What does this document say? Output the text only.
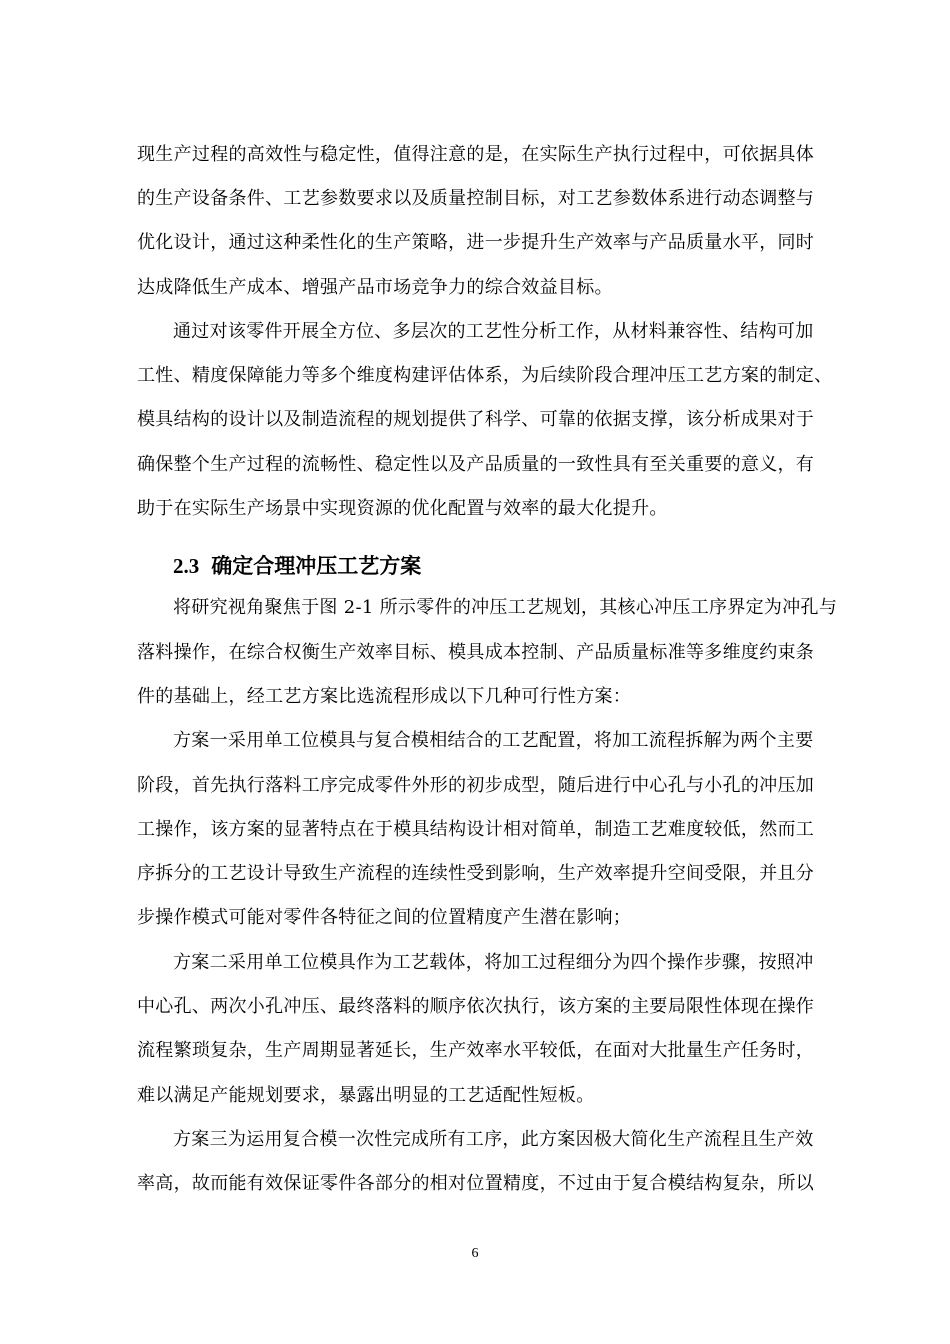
现生产过程的高效性与稳定性，值得注意的是，在实际生产执行过程中，可依据具体
的生产设备条件、工艺参数要求以及质量控制目标，对工艺参数体系进行动态调整与
优化设计，通过这种柔性化的生产策略，进一步提升生产效率与产品质量水平，同时
达成降低生产成本、增强产品市场竞争力的综合效益目标。
通过对该零件开展全方位、多层次的工艺性分析工作，从材料兼容性、结构可加
工性、精度保障能力等多个维度构建评估体系，为后续阶段合理冲压工艺方案的制定、
模具结构的设计以及制造流程的规划提供了科学、可靠的依据支撑，该分析成果对于
确保整个生产过程的流畅性、稳定性以及产品质量的一致性具有至关重要的意义，有
助于在实际生产场景中实现资源的优化配置与效率的最大化提升。
2.3 确定合理冲压工艺方案
将研究视角聚焦于图 2-1 所示零件的冲压工艺规划，其核心冲压工序界定为冲孔与
落料操作，在综合权衡生产效率目标、模具成本控制、产品质量标准等多维度约束条
件的基础上，经工艺方案比选流程形成以下几种可行性方案：
方案一采用单工位模具与复合模相结合的工艺配置，将加工流程拆解为两个主要
阶段，首先执行落料工序完成零件外形的初步成型，随后进行中心孔与小孔的冲压加
工操作，该方案的显著特点在于模具结构设计相对简单，制造工艺难度较低，然而工
序拆分的工艺设计导致生产流程的连续性受到影响，生产效率提升空间受限，并且分
步操作模式可能对零件各特征之间的位置精度产生潜在影响；
方案二采用单工位模具作为工艺载体，将加工过程细分为四个操作步骤，按照冲
中心孔、两次小孔冲压、最终落料的顺序依次执行，该方案的主要局限性体现在操作
流程繁琐复杂，生产周期显著延长，生产效率水平较低，在面对大批量生产任务时，
难以满足产能规划要求，暴露出明显的工艺适配性短板。
方案三为运用复合模一次性完成所有工序，此方案因极大简化生产流程且生产效
率高，故而能有效保证零件各部分的相对位置精度，不过由于复合模结构复杂，所以
6
